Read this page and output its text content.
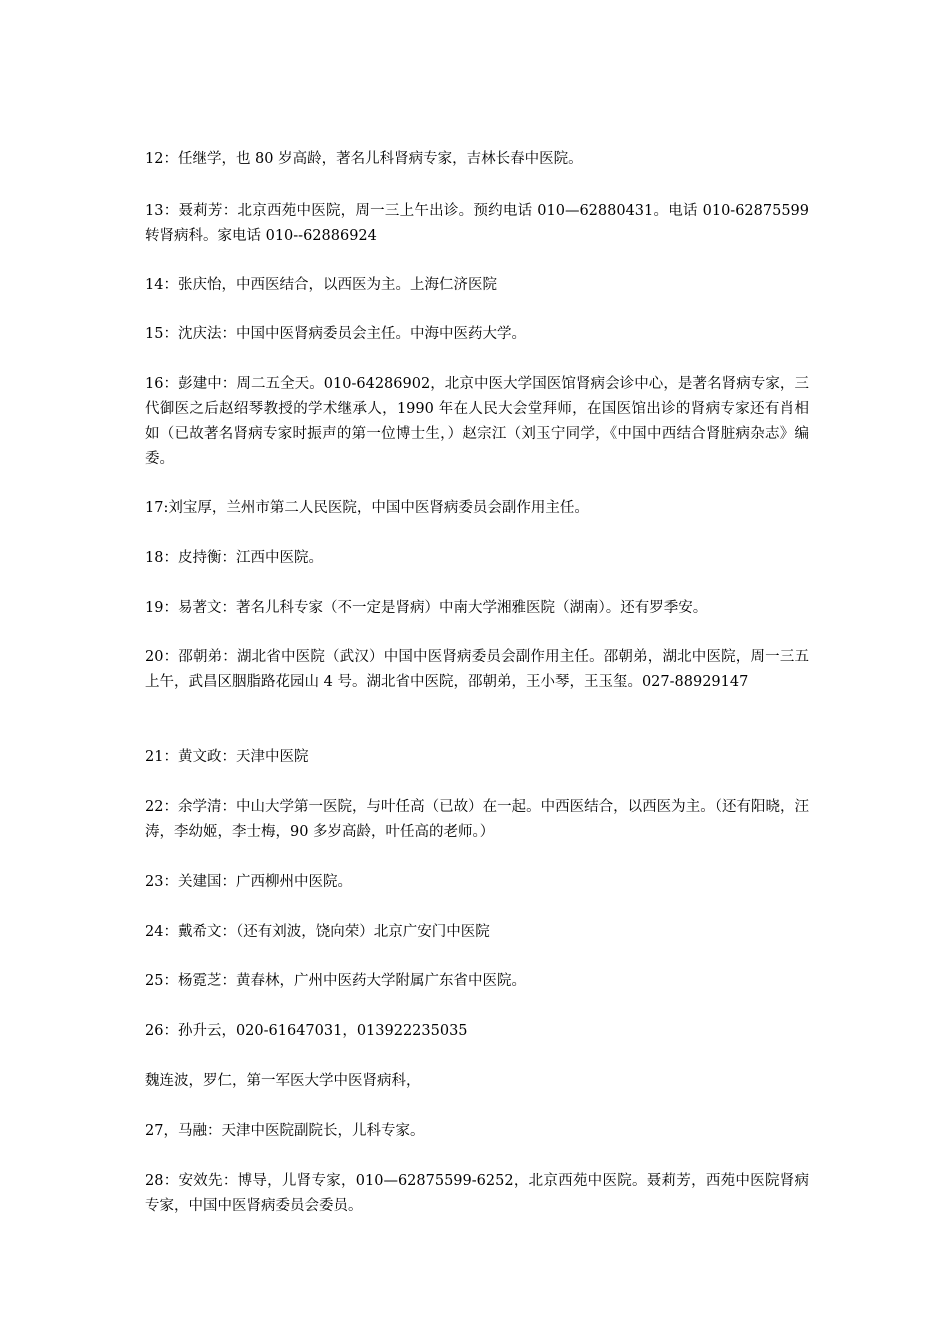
12：任继学，也 80 岁高龄，著名儿科肾病专家，吉林长春中医院。

13：聂莉芳：北京西苑中医院，周一三上午出诊。预约电话 010—62880431。电话 010-62875599 转肾病科。家电话 010--62886924

14：张庆怡，中西医结合，以西医为主。上海仁济医院

15：沈庆法：中国中医肾病委员会主任。中海中医药大学。

16：彭建中：周二五全天。010-64286902，北京中医大学国医馆肾病会诊中心，是著名肾病专家，三代御医之后赵绍琴教授的学术继承人，1990 年在人民大会堂拜师，在国医馆出诊的肾病专家还有肖相如（已故著名肾病专家时振声的第一位博士生，）赵宗江（刘玉宁同学，《中国中西结合肾脏病杂志》编委。

17:刘宝厚，兰州市第二人民医院，中国中医肾病委员会副作用主任。

18：皮持衡：江西中医院。

19：易著文：著名儿科专家（不一定是肾病）中南大学湘雅医院（湖南）。还有罗季安。

20：邵朝弟：湖北省中医院（武汉）中国中医肾病委员会副作用主任。邵朝弟，湖北中医院，周一三五上午，武昌区胭脂路花园山 4 号。湖北省中医院，邵朝弟，王小琴，王玉玺。027-88929147

21：黄文政：天津中医院

22：余学清：中山大学第一医院，与叶任高（已故）在一起。中西医结合，以西医为主。（还有阳晓，汪涛，李幼姬，李士梅，90 多岁高龄，叶任高的老师。）

23：关建国：广西柳州中医院。

24：戴希文：（还有刘波，饶向荣）北京广安门中医院

25：杨霓芝：黄春林，广州中医药大学附属广东省中医院。

26：孙升云，020-61647031，013922235035

魏连波，罗仁，第一军医大学中医肾病科，

27，马融：天津中医院副院长，儿科专家。

28：安效先：博导，儿肾专家，010—62875599-6252，北京西苑中医院。聂莉芳，西苑中医院肾病专家，中国中医肾病委员会委员。
